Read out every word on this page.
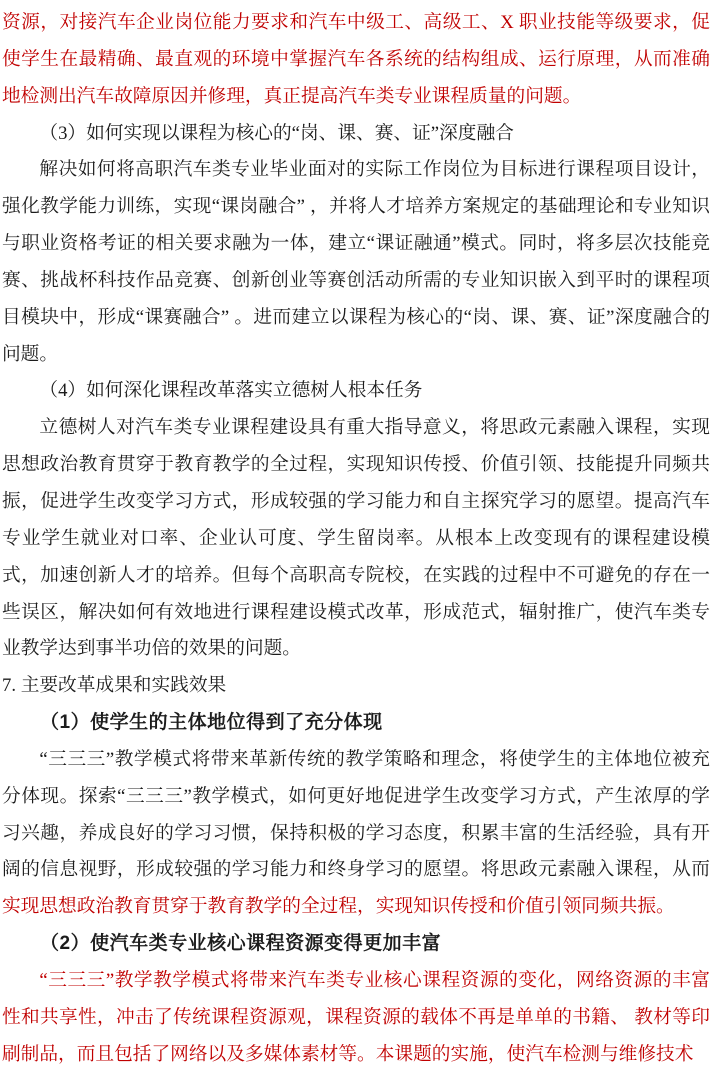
资源，对接汽车企业岗位能力要求和汽车中级工、高级工、X 职业技能等级要求，促使学生在最精确、最直观的环境中掌握汽车各系统的结构组成、运行原理，从而准确地检测出汽车故障原因并修理，真正提高汽车类专业课程质量的问题。

（3）如何实现以课程为核心的“岗、课、赛、证”深度融合

解决如何将高职汽车类专业毕业面对的实际工作岗位为目标进行课程项目设计，强化教学能力训练，实现“课岗融合” ，并将人才培养方案规定的基础理论和专业知识与职业资格考证的相关要求融为一体，建立“课证融通”模式。同时，将多层次技能竞赛、挑战杯科技作品竞赛、创新创业等赛创活动所需的专业知识嵌入到平时的课程项目模块中，形成“课赛融合” 。进而建立以课程为核心的“岗、课、赛、证”深度融合的问题。

（4）如何深化课程改革落实立德树人根本任务

立德树人对汽车类专业课程建设具有重大指导意义，将思政元素融入课程，实现思想政治教育贯穿于教育教学的全过程，实现知识传授、价值引领、技能提升同频共振，促进学生改变学习方式，形成较强的学习能力和自主探究学习的愿望。提高汽车专业学生就业对口率、企业认可度、学生留岗率。从根本上改变现有的课程建设模式，加速创新人才的培养。但每个高职高专院校，在实践的过程中不可避免的存在一些误区，解决如何有效地进行课程建设模式改革，形成范式，辐射推广，使汽车类专业教学达到事半功倍的效果的问题。

7. 主要改革成果和实践效果

（1）使学生的主体地位得到了充分体现

“三三三”教学模式将带来革新传统的教学策略和理念，将使学生的主体地位被充分体现。探索“三三三”教学模式，如何更好地促进学生改变学习方式，产生浓厚的学习兴趣，养成良好的学习习惯，保持积极的学习态度，积累丰富的生活经验，具有开阔的信息视野，形成较强的学习能力和终身学习的愿望。将思政元素融入课程，从而实现思想政治教育贯穿于教育教学的全过程，实现知识传授和价值引领同频共振。

（2）使汽车类专业核心课程资源变得更加丰富

“三三三”教学教学模式将带来汽车类专业核心课程资源的变化，网络资源的丰富性和共享性，冲击了传统课程资源观，课程资源的载体不再是单单的书籍、 教材等印刷制品，而且包括了网络以及多媒体素材等。本课题的实施，使汽车检测与维修技术
